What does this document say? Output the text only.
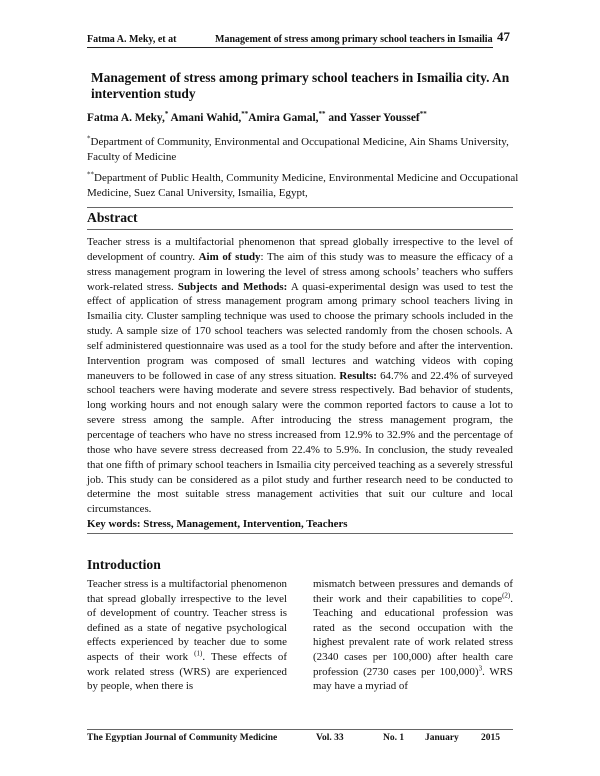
Fatma A. Meky, et at	Management of stress among primary school teachers in Ismailia 47
Management of stress among primary school teachers in Ismailia city. An intervention study
Fatma A. Meky,* Amani Wahid,**Amira Gamal,** and Yasser Youssef**
*Department of Community, Environmental and Occupational Medicine, Ain Shams University, Faculty of Medicine
**Department of Public Health, Community Medicine, Environmental Medicine and Occupational Medicine, Suez Canal University, Ismailia, Egypt,
Abstract
Teacher stress is a multifactorial phenomenon that spread globally irrespective to the level of development of country. Aim of study: The aim of this study was to measure the efficacy of a stress management program in lowering the level of stress among schools’ teachers who suffers work-related stress. Subjects and Methods: A quasi-experimental design was used to test the effect of application of stress management program among primary school teachers living in Ismailia city. Cluster sampling technique was used to choose the primary schools included in the study. A sample size of 170 school teachers was selected randomly from the chosen schools. A self administered questionnaire was used as a tool for the study before and after the intervention. Intervention program was composed of small lectures and watching videos with coping maneuvers to be followed in case of any stress situation. Results: 64.7% and 22.4% of surveyed school teachers were having moderate and severe stress respectively. Bad behavior of students, long working hours and not enough salary were the common reported factors to cause a lot to severe stress among the sample. After introducing the stress management program, the percentage of teachers who have no stress increased from 12.9% to 32.9% and the percentage of those who have severe stress decreased from 22.4% to 5.9%. In conclusion, the study revealed that one fifth of primary school teachers in Ismailia city perceived teaching as a severely stressful job. This study can be considered as a pilot study and further research need to be conducted to determine the most suitable stress management activities that suit our culture and local circumstances.
Key words: Stress, Management, Intervention, Teachers
Introduction
Teacher stress is a multifactorial phenomenon that spread globally irrespective to the level of development of country. Teacher stress is defined as a state of negative psychological effects experienced by teacher due to some aspects of their work $^{(1)}$. These effects of work related stress (WRS) are experienced by people, when there is
mismatch between pressures and demands of their work and their capabilities to cope$^{(2)}$. Teaching and educational profession was rated as the second occupation with the highest prevalent rate of work related stress (2340 cases per 100,000) after health care profession (2730 cases per 100,000)$^3$. WRS may have a myriad of
The Egyptian Journal of Community Medicine	Vol. 33	No. 1 January 2015
